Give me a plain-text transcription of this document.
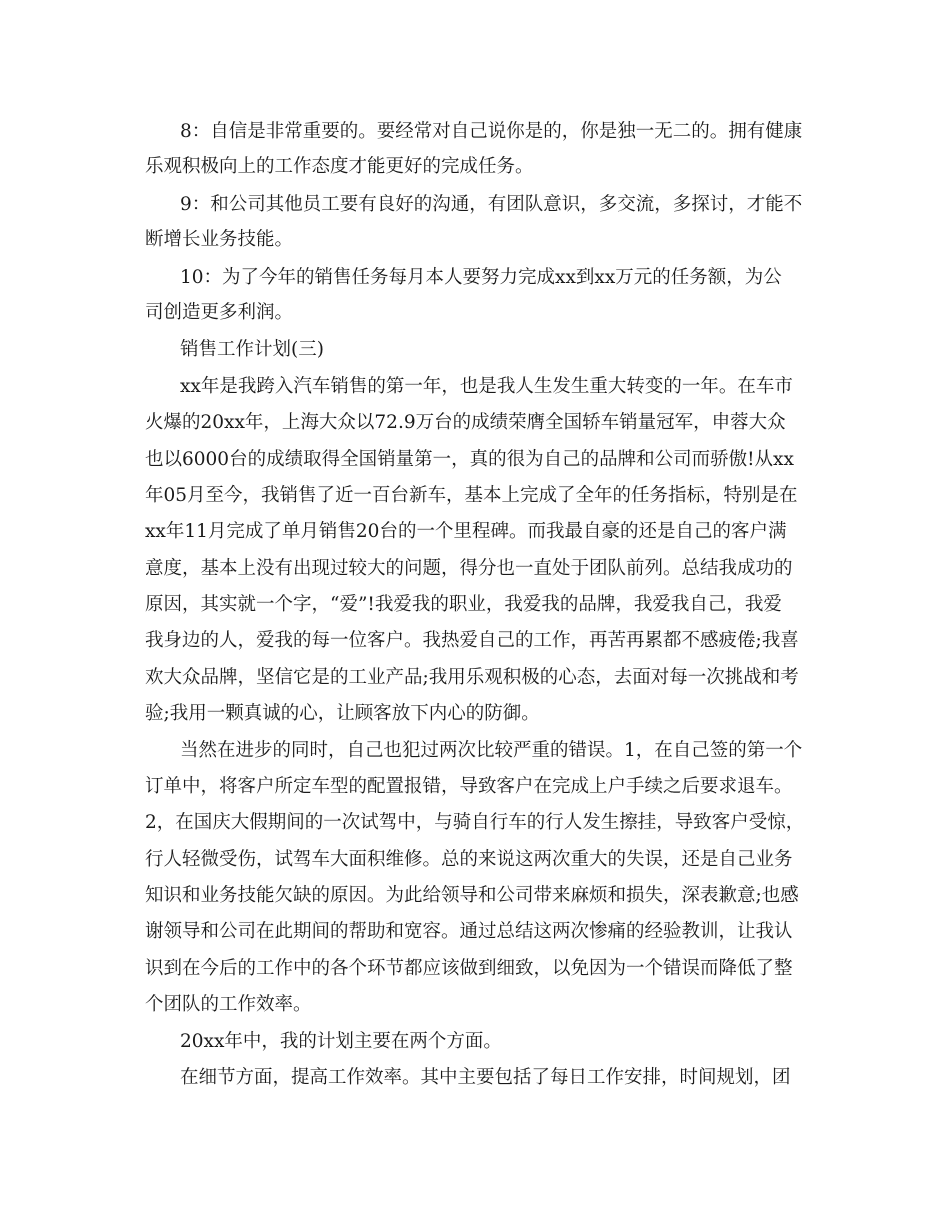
8：自信是非常重要的。要经常对自己说你是的，你是独一无二的。拥有健康
乐观积极向上的工作态度才能更好的完成任务。
9：和公司其他员工要有良好的沟通，有团队意识，多交流，多探讨，才能不
断增长业务技能。
10：为了今年的销售任务每月本人要努力完成xx到xx万元的任务额，为公
司创造更多利润。
销售工作计划(三)
xx年是我跨入汽车销售的第一年，也是我人生发生重大转变的一年。在车市
火爆的20xx年，上海大众以72.9万台的成绩荣膺全国轿车销量冠军，申蓉大众
也以6000台的成绩取得全国销量第一，真的很为自己的品牌和公司而骄傲!从xx
年05月至今，我销售了近一百台新车，基本上完成了全年的任务指标，特别是在
xx年11月完成了单月销售20台的一个里程碑。而我最自豪的还是自己的客户满
意度，基本上没有出现过较大的问题，得分也一直处于团队前列。总结我成功的
原因，其实就一个字，“爱”!我爱我的职业，我爱我的品牌，我爱我自己，我爱
我身边的人，爱我的每一位客户。我热爱自己的工作，再苦再累都不感疲倦;我喜
欢大众品牌，坚信它是的工业产品;我用乐观积极的心态，去面对每一次挑战和考
验;我用一颗真诚的心，让顾客放下内心的防御。
当然在进步的同时，自己也犯过两次比较严重的错误。1，在自己签的第一个
订单中，将客户所定车型的配置报错，导致客户在完成上户手续之后要求退车。
2，在国庆大假期间的一次试驾中，与骑自行车的行人发生擦挂，导致客户受惊，
行人轻微受伤，试驾车大面积维修。总的来说这两次重大的失误，还是自己业务
知识和业务技能欠缺的原因。为此给领导和公司带来麻烦和损失，深表歉意;也感
谢领导和公司在此期间的帮助和宽容。通过总结这两次惨痛的经验教训，让我认
识到在今后的工作中的各个环节都应该做到细致，以免因为一个错误而降低了整
个团队的工作效率。
20xx年中，我的计划主要在两个方面。
在细节方面，提高工作效率。其中主要包括了每日工作安排，时间规划，团
